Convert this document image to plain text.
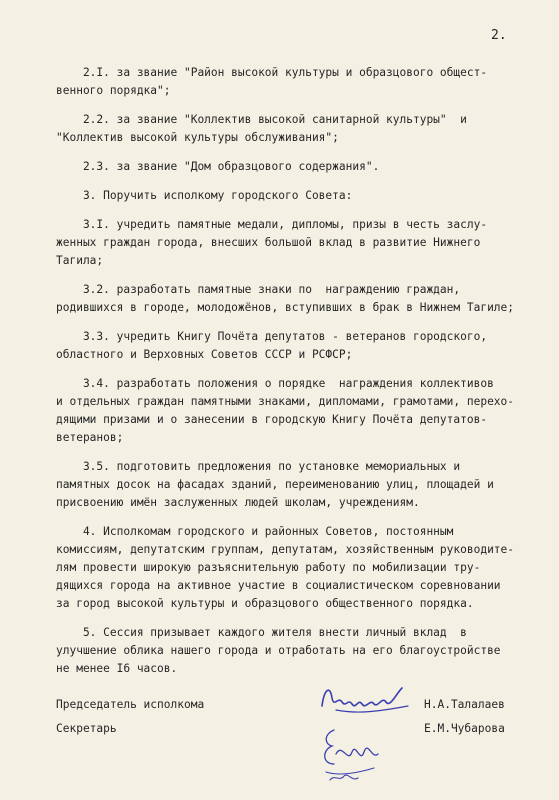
2.
2.I. за звание "Район высокой культуры и образцового общест-
венного порядка";
2.2. за звание "Коллектив высокой санитарной культуры"  и
"Коллектив высокой культуры обслуживания";
2.3. за звание "Дом образцового содержания".
3. Поручить исполкому городского Совета:
3.I. учредить памятные медали, дипломы, призы в честь заслу-
женных граждан города, внесших большой вклад в развитие Нижнего
Тагила;
3.2. разработать памятные знаки по  награждению граждан,
родившихся в городе, молодожёнов, вступивших в брак в Нижнем Тагиле;
3.3. учредить Книгу Почёта депутатов - ветеранов городского,
областного и Верховных Советов СССР и РСФСР;
3.4. разработать положения о порядке  награждения коллективов
и отдельных граждан памятными знаками, дипломами, грамотами, перехо-
дящими призами и о занесении в городскую Книгу Почёта депутатов-
ветеранов;
3.5. подготовить предложения по установке мемориальных и
памятных досок на фасадах зданий, переименованию улиц, площадей и
присвоению имён заслуженных людей школам, учреждениям.
4. Исполкомам городского и районных Советов, постоянным
комиссиям, депутатским группам, депутатам, хозяйственным руководите-
лям провести широкую разъяснительную работу по мобилизации тру-
дящихся города на активное участие в социалистическом соревновании
за город высокой культуры и образцового общественного порядка.
5. Сессия призывает каждого жителя внести личный вклад  в
улучшение облика нашего города и отработать на его благоустройстве
не менее I6 часов.
Председатель исполкома	Н.А.Талалаев
Секретарь	Е.М.Чубарова
